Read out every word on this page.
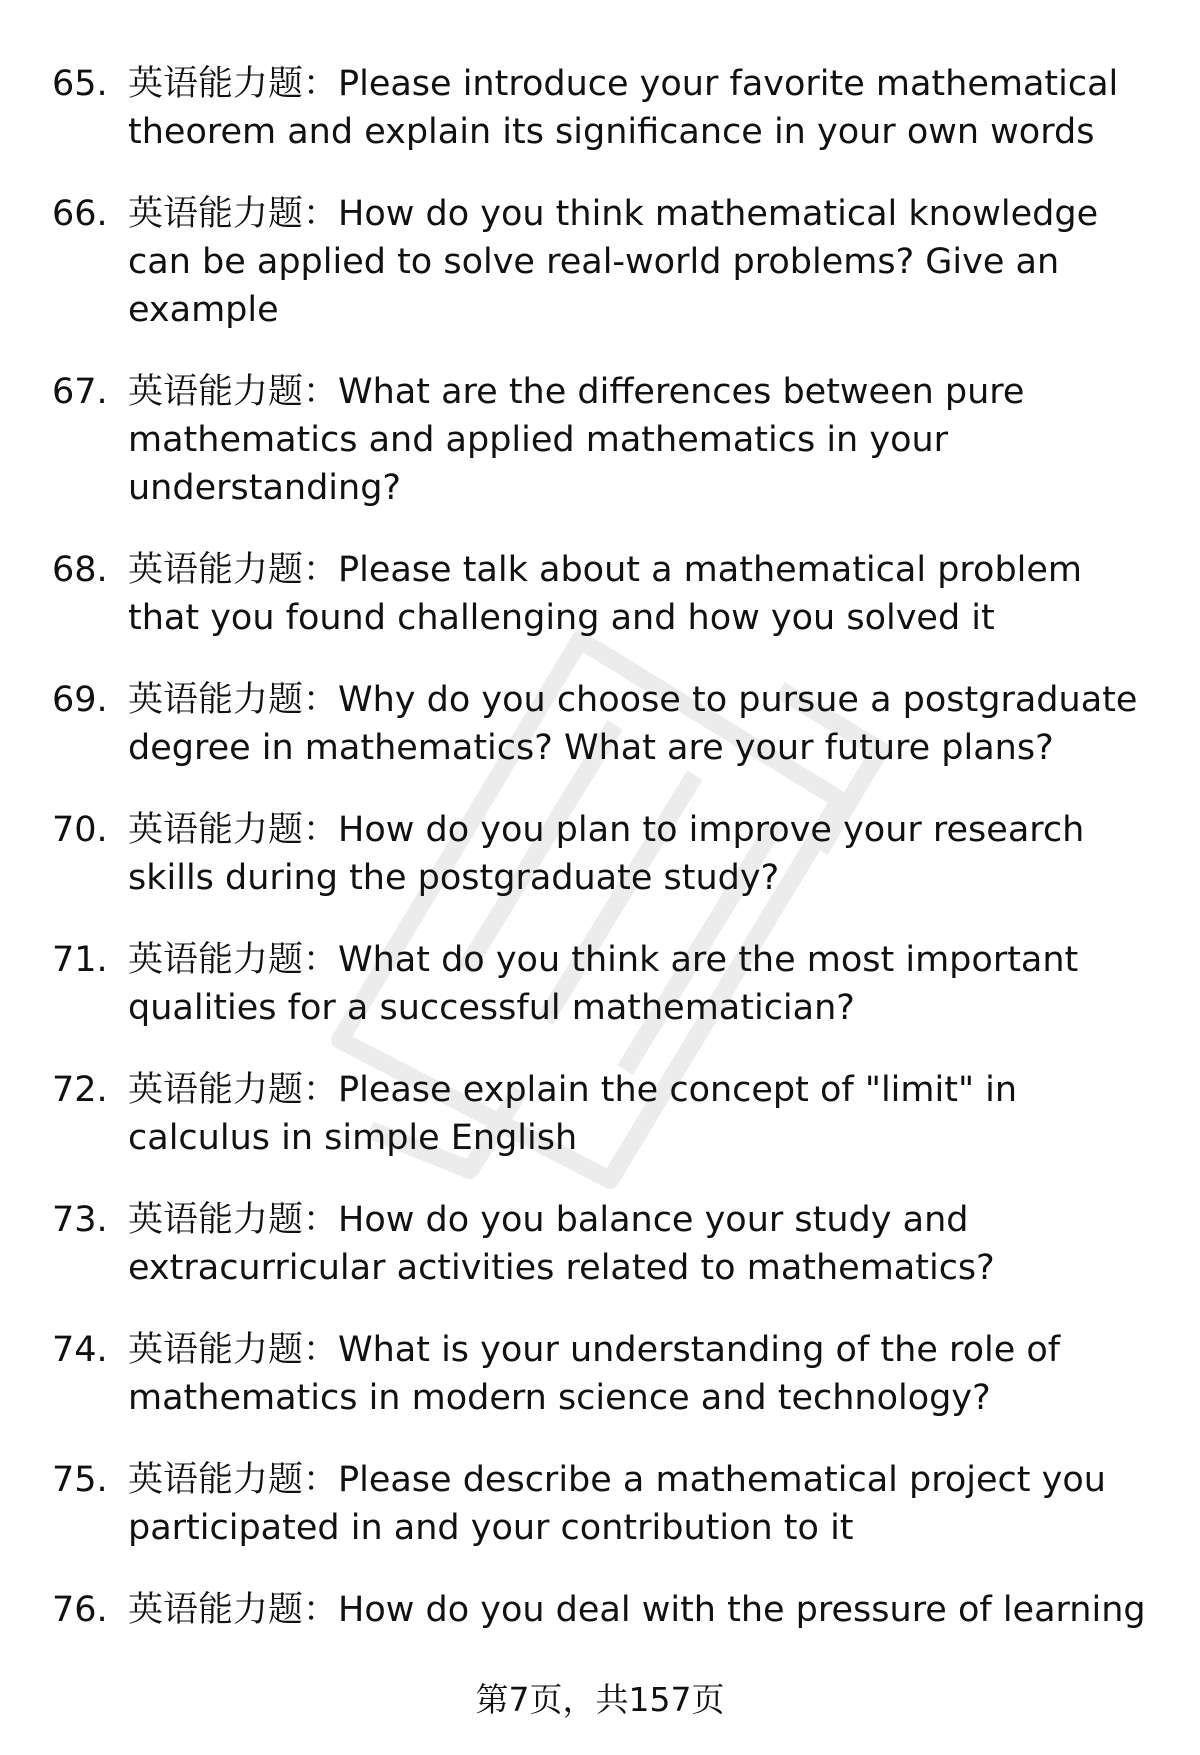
65. 英语能力题：Please introduce your favorite mathematical theorem and explain its significance in your own words
66. 英语能力题：How do you think mathematical knowledge can be applied to solve real-world problems? Give an example
67. 英语能力题：What are the differences between pure mathematics and applied mathematics in your understanding?
68. 英语能力题：Please talk about a mathematical problem that you found challenging and how you solved it
69. 英语能力题：Why do you choose to pursue a postgraduate degree in mathematics? What are your future plans?
70. 英语能力题：How do you plan to improve your research skills during the postgraduate study?
71. 英语能力题：What do you think are the most important qualities for a successful mathematician?
72. 英语能力题：Please explain the concept of "limit" in calculus in simple English
73. 英语能力题：How do you balance your study and extracurricular activities related to mathematics?
74. 英语能力题：What is your understanding of the role of mathematics in modern science and technology?
75. 英语能力题：Please describe a mathematical project you participated in and your contribution to it
76. 英语能力题：How do you deal with the pressure of learning
第7页，共157页
